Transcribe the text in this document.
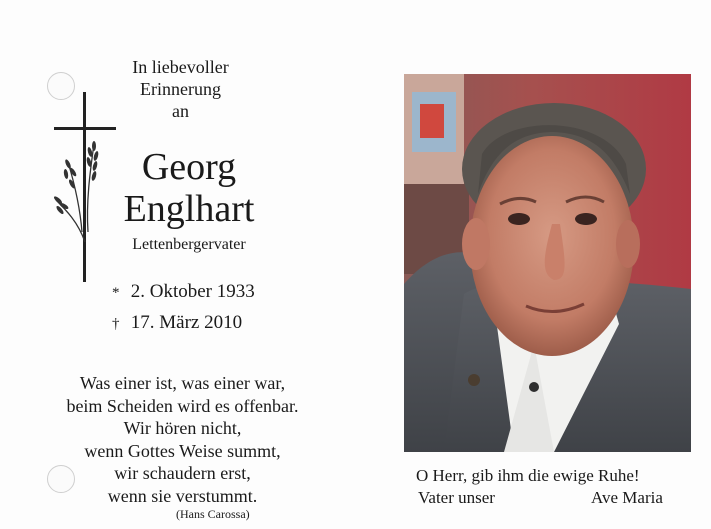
In liebevoller
Erinnerung
an
Georg
Englhart
Lettenbergervater
* 2. Oktober 1933
† 17. März 2010
Was einer ist, was einer war,
beim Scheiden wird es offenbar.
Wir hören nicht,
wenn Gottes Weise summt,
wir schaudern erst,
wenn sie verstummt.
(Hans Carossa)
O Herr, gib ihm die ewige Ruhe!
Vater unser	Ave Maria
